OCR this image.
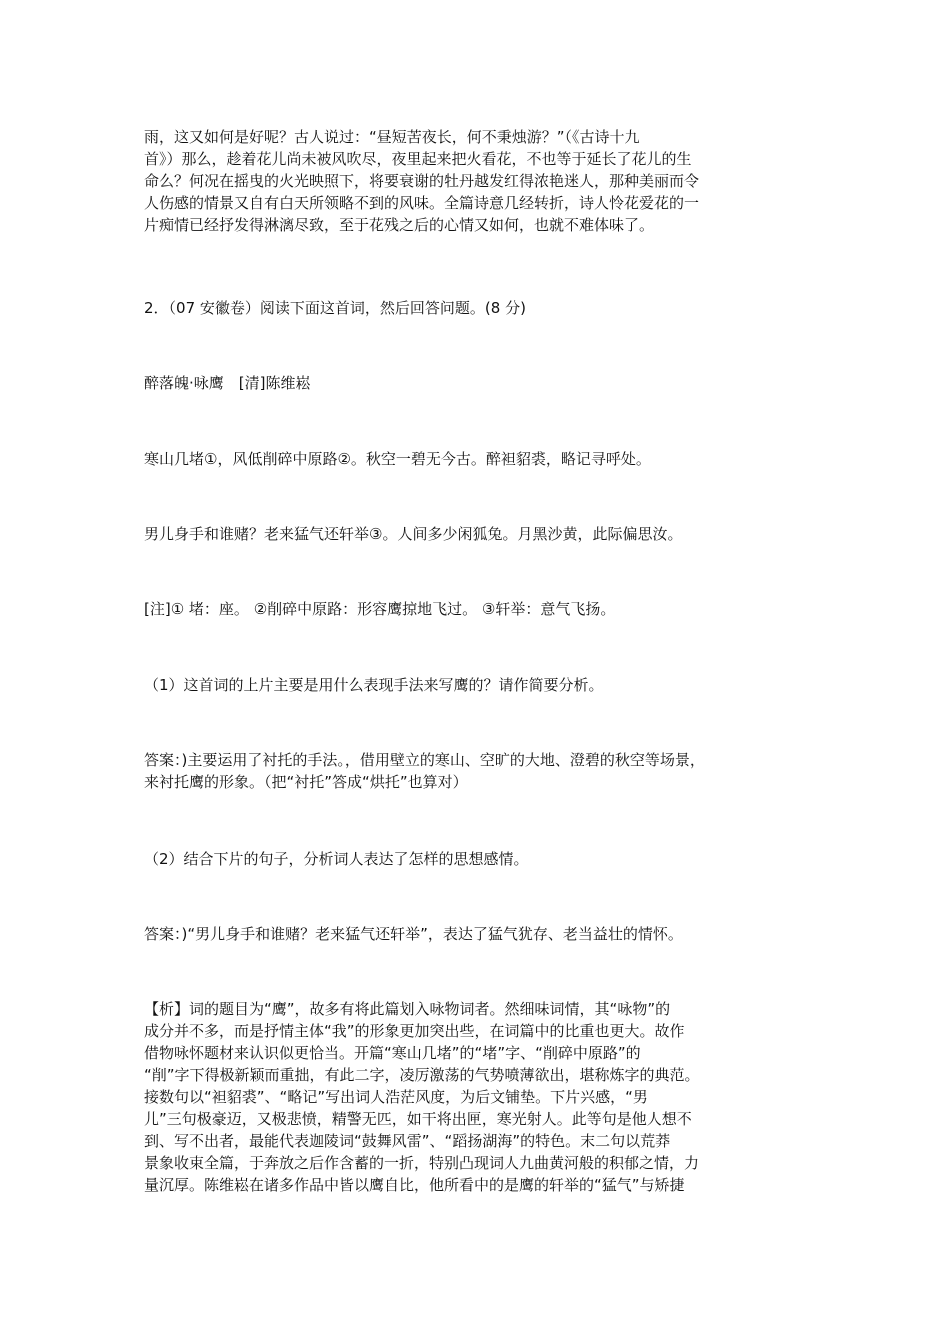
雨，这又如何是好呢？古人说过：“昼短苦夜长，何不秉烛游？”（《古诗十九
首》）那么，趁着花儿尚未被风吹尽，夜里起来把火看花，不也等于延长了花儿的生
命么？何况在摇曳的火光映照下，将要衰谢的牡丹越发红得浓艳迷人，那种美丽而令
人伤感的情景又自有白天所领略不到的风味。全篇诗意几经转折，诗人怜花爱花的一
片痴情已经抒发得淋漓尽致，至于花残之后的心情又如何，也就不难体味了。
2．（07 安徽卷）阅读下面这首词，然后回答问题。(8 分)
醉落魄·咏鹰　[清]陈维崧
寒山几堵①，风低削碎中原路②。秋空一碧无今古。醉袒貂裘，略记寻呼处。
男儿身手和谁赌？老来猛气还轩举③。人间多少闲狐兔。月黑沙黄，此际偏思汝。
[注]① 堵：座。 ②削碎中原路：形容鹰掠地飞过。 ③轩举：意气飞扬。
（1）这首词的上片主要是用什么表现手法来写鹰的？请作简要分析。
答案：)主要运用了衬托的手法。，借用壁立的寒山、空旷的大地、澄碧的秋空等场景，
来衬托鹰的形象。（把“衬托”答成“烘托”也算对）
（2）结合下片的句子，分析词人表达了怎样的思想感情。
答案：)“男儿身手和谁赌？老来猛气还轩举”，表达了猛气犹存、老当益壮的情怀。
【析】词的题目为“鹰”，故多有将此篇划入咏物词者。然细味词情，其“咏物”的
成分并不多，而是抒情主体“我”的形象更加突出些，在词篇中的比重也更大。故作
借物咏怀题材来认识似更恰当。开篇“寒山几堵”的“堵”字、“削碎中原路”的
“削”字下得极新颖而重拙，有此二字，凌厉激荡的气势喷薄欲出，堪称炼字的典范。
接数句以“袒貂裘”、“略记”写出词人浩茫风度，为后文铺垫。下片兴感，“男
儿”三句极豪迈，又极悲愤，精警无匹，如干将出匣，寒光射人。此等句是他人想不
到、写不出者，最能代表迦陵词“鼓舞风雷”、“蹈扬湖海”的特色。末二句以荒莽
景象收束全篇，于奔放之后作含蓄的一折，特别凸现词人九曲黄河般的积郁之情，力
量沉厚。陈维崧在诸多作品中皆以鹰自比，他所看中的是鹰的轩举的“猛气”与矫捷
